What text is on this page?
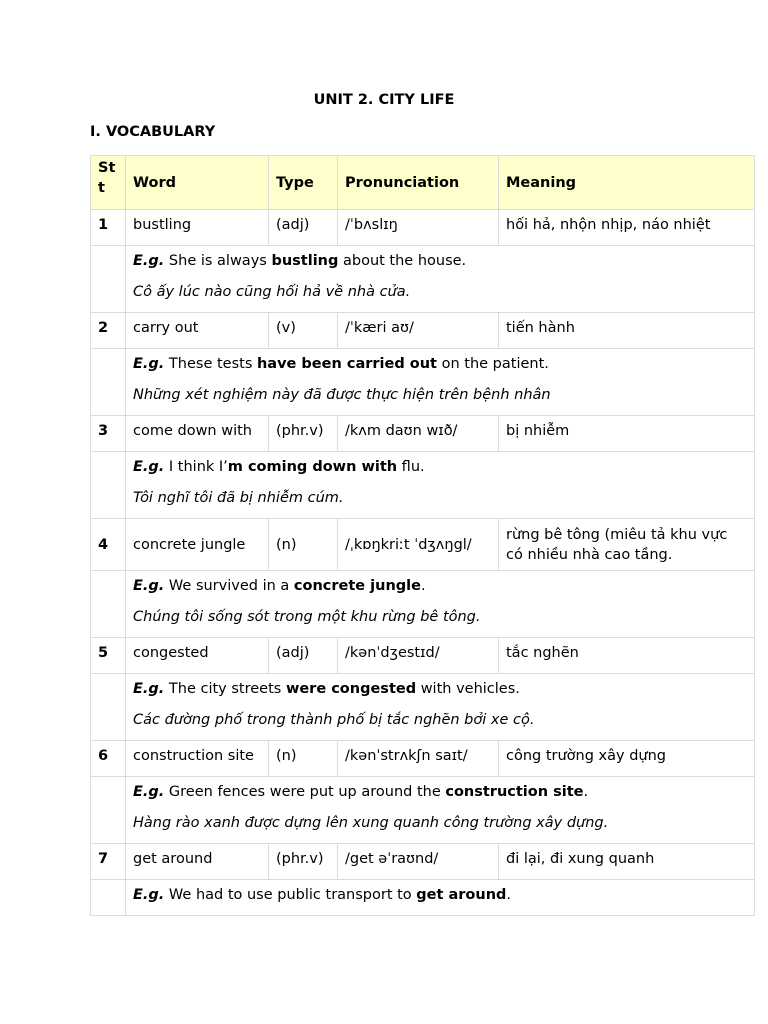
UNIT 2. CITY LIFE
I. VOCABULARY
St t	Word	Type	Pronunciation	Meaning
1	bustling	(adj)	/ˈbʌslɪŋ	hối hả, nhộn nhịp, náo nhiệt

	E.g. She is always bustling about the house.
Cô ấy lúc nào cũng hối hả về nhà cửa.			

2	carry out	(v)	/ˈkæri aʊ/	tiến hành

	E.g. These tests have been carried out on the patient.
Những xét nghiệm này đã được thực hiện trên bệnh nhân			

3	come down with	(phr.v)	/kʌm daʊn wɪð/	bị nhiễm

	E.g. I think I’m coming down with flu.
Tôi nghĩ tôi đã bị nhiễm cúm.			

4	concrete jungle	(n)	/ˌkɒŋkriːt ˈdʒʌŋgl/	rừng bê tông (miêu tả khu vực có nhiều nhà cao tầng.

	E.g. We survived in a concrete jungle.
Chúng tôi sống sót trong một khu rừng bê tông.			

5	congested	(adj)	/kənˈdʒestɪd/	tắc nghẽn

	E.g. The city streets were congested with vehicles.
Các đường phố trong thành phố bị tắc nghẽn bởi xe cộ.			

6	construction site	(n)	/kənˈstrʌkʃn saɪt/	công trường xây dựng

	E.g. Green fences were put up around the construction site.
Hàng rào xanh được dựng lên xung quanh công trường xây dựng.			

7	get around	(phr.v)	/get əˈraʊnd/	đi lại, đi xung quanh

	E.g. We had to use public transport to get around.			
